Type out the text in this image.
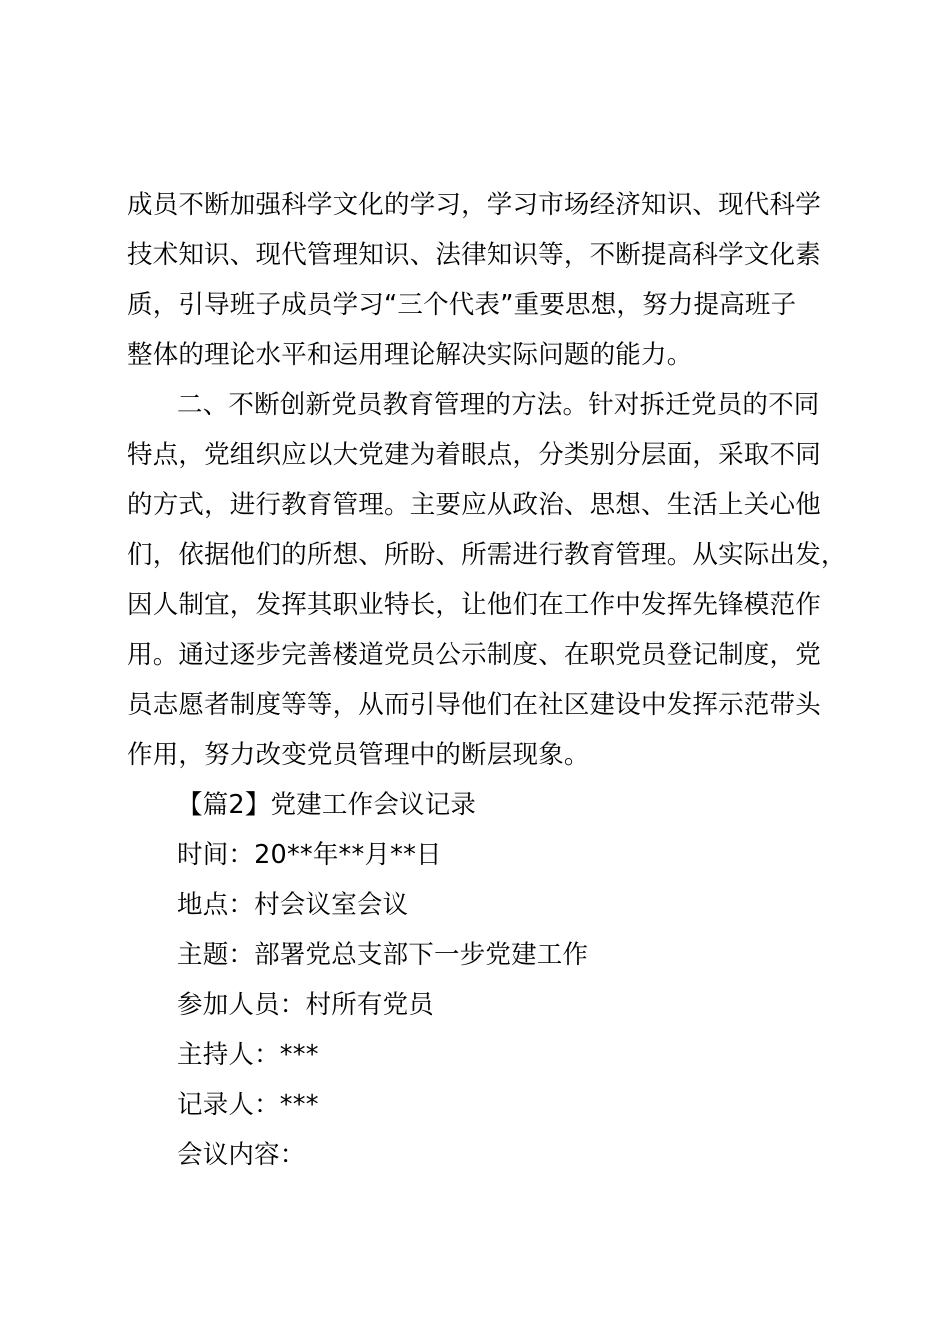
成员不断加强科学文化的学习，学习市场经济知识、现代科学
技术知识、现代管理知识、法律知识等，不断提高科学文化素
质，引导班子成员学习“三个代表”重要思想，努力提高班子
整体的理论水平和运用理论解决实际问题的能力。
二、不断创新党员教育管理的方法。针对拆迁党员的不同
特点，党组织应以大党建为着眼点，分类别分层面，采取不同
的方式，进行教育管理。主要应从政治、思想、生活上关心他
们，依据他们的所想、所盼、所需进行教育管理。从实际出发，
因人制宜，发挥其职业特长，让他们在工作中发挥先锋模范作
用。通过逐步完善楼道党员公示制度、在职党员登记制度，党
员志愿者制度等等，从而引导他们在社区建设中发挥示范带头
作用，努力改变党员管理中的断层现象。
【篇2】党建工作会议记录
时间：20**年**月**日
地点：村会议室会议
主题：部署党总支部下一步党建工作
参加人员：村所有党员
主持人：***
记录人：***
会议内容：
